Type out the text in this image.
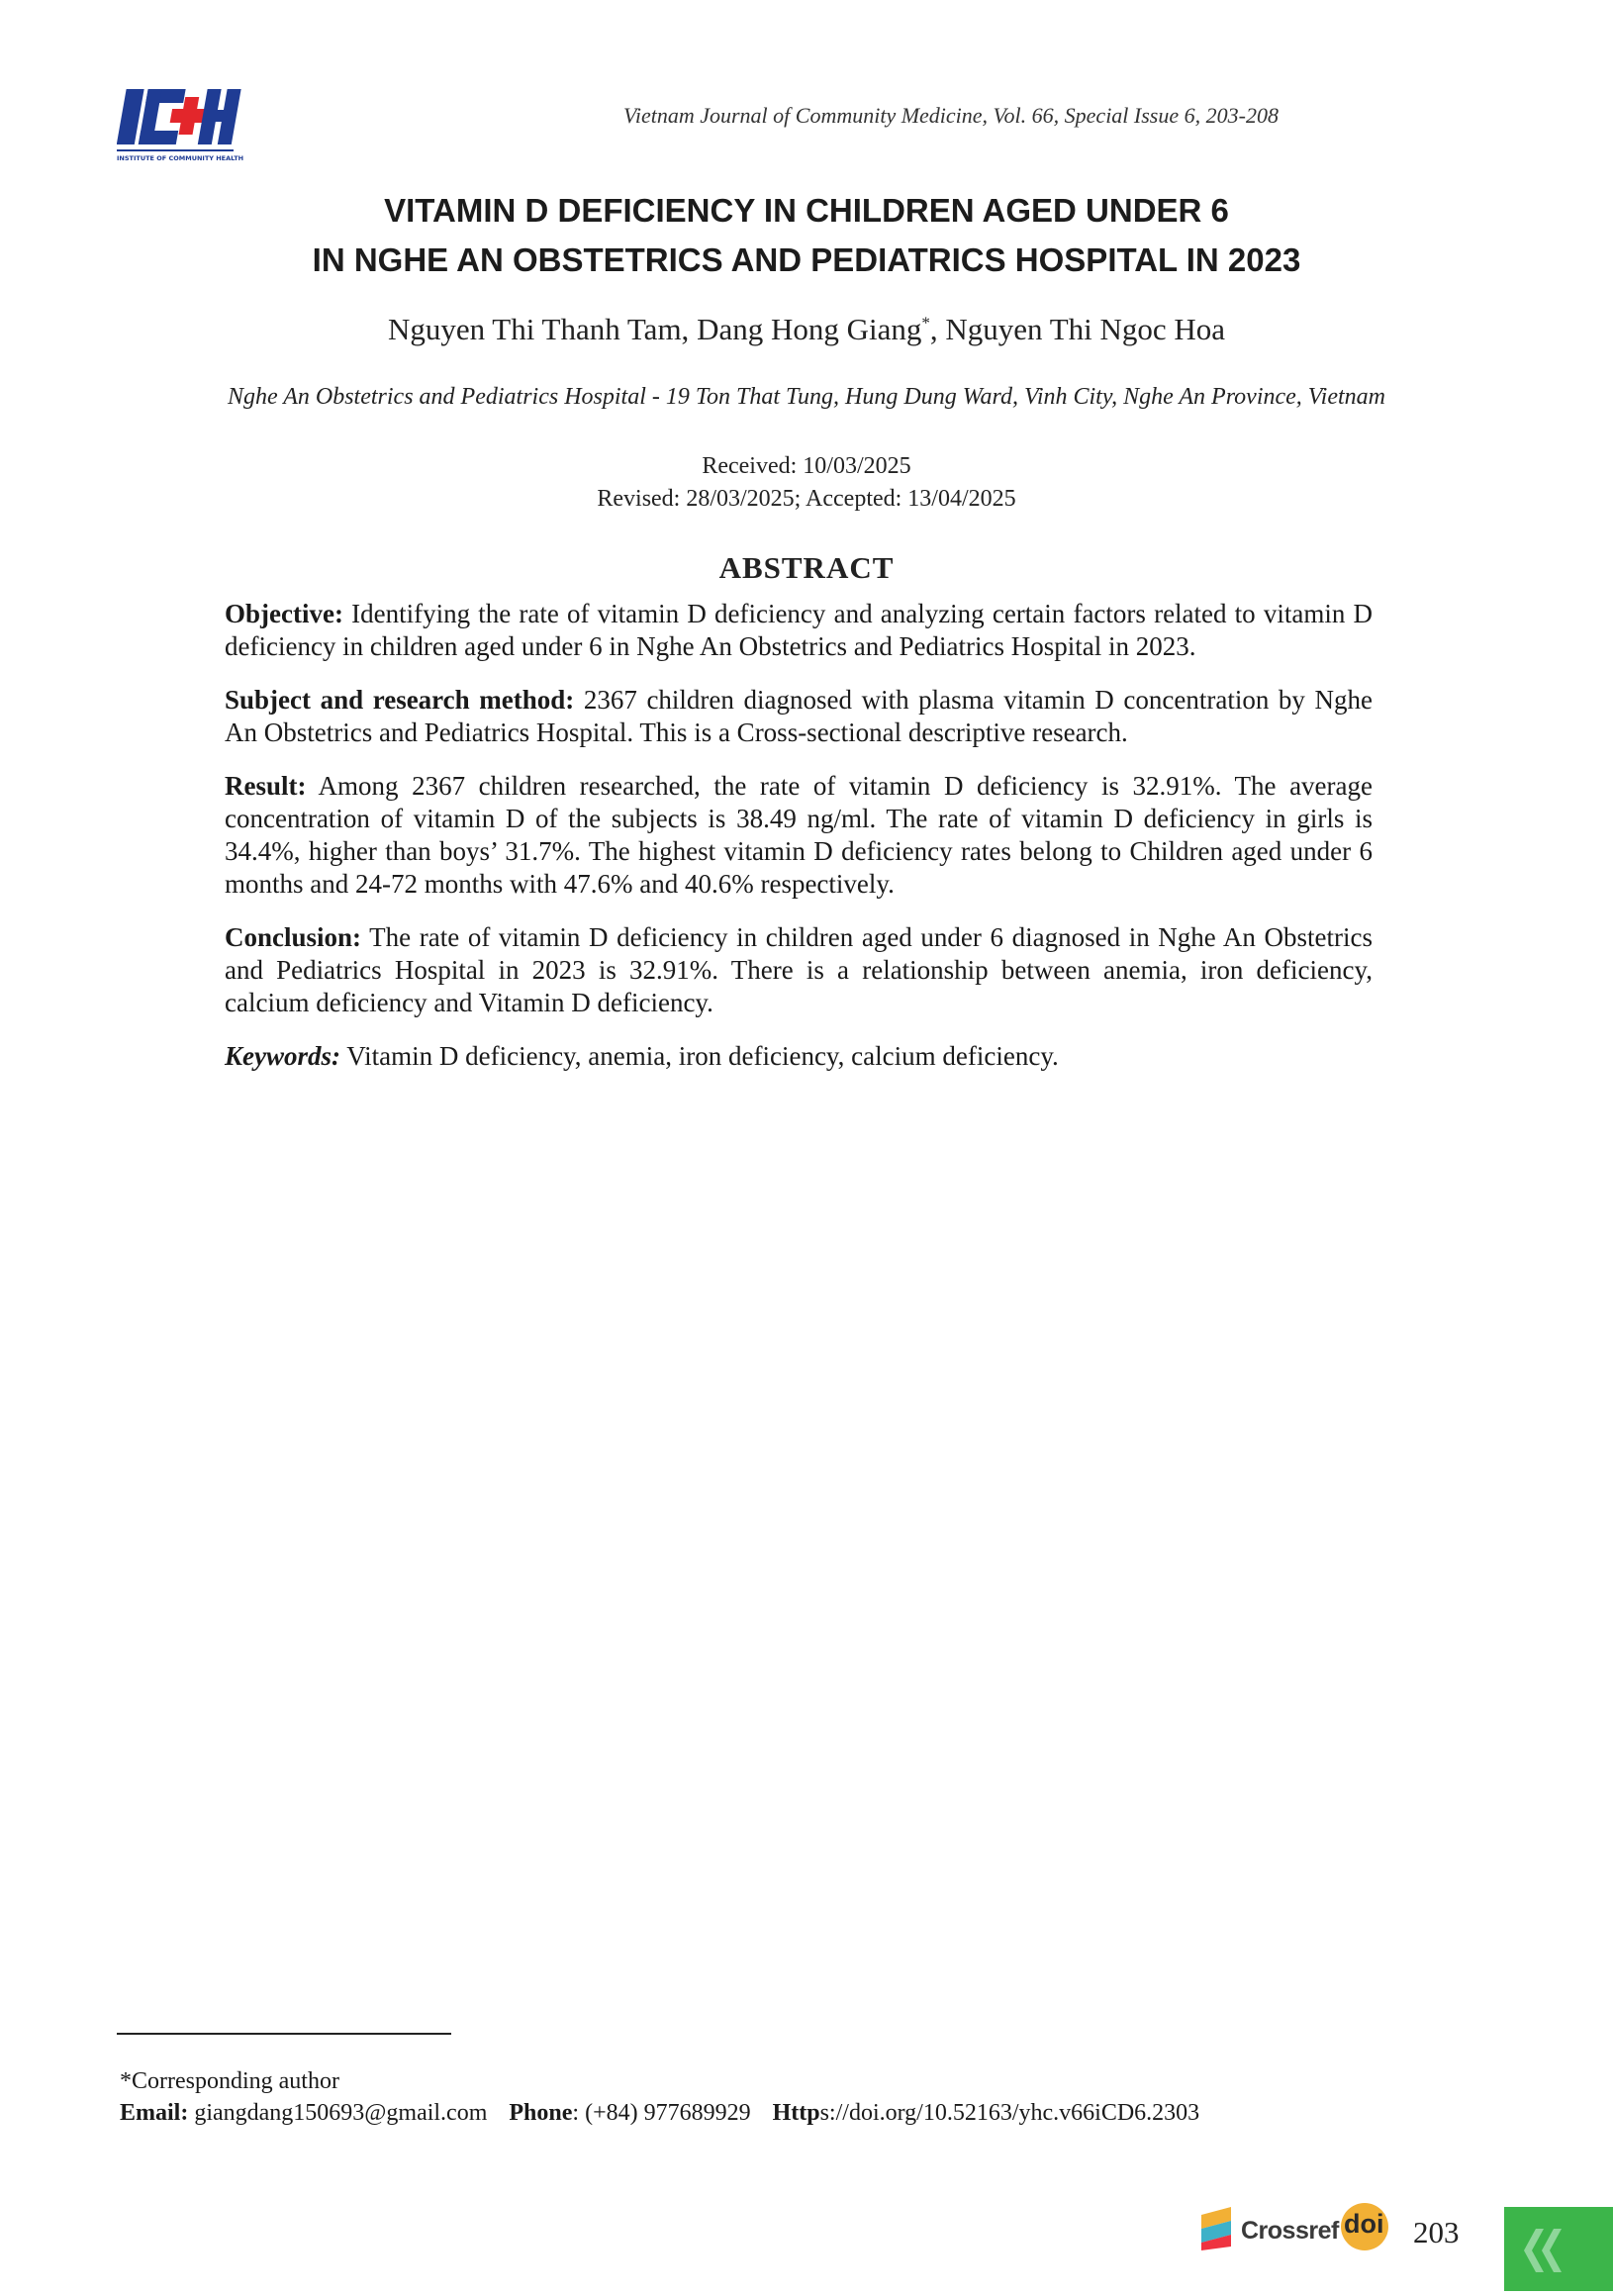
INSTITUTE OF COMMUNITY HEALTH
Vietnam Journal of Community Medicine, Vol. 66, Special Issue 6, 203-208
VITAMIN D DEFICIENCY IN CHILDREN AGED UNDER 6
IN NGHE AN OBSTETRICS AND PEDIATRICS HOSPITAL IN 2023
Nguyen Thi Thanh Tam, Dang Hong Giang*, Nguyen Thi Ngoc Hoa
Nghe An Obstetrics and Pediatrics Hospital - 19 Ton That Tung, Hung Dung Ward, Vinh City, Nghe An Province, Vietnam
Received: 10/03/2025
Revised: 28/03/2025; Accepted: 13/04/2025
ABSTRACT

Objective: Identifying the rate of vitamin D deficiency and analyzing certain factors related to vitamin D deficiency in children aged under 6 in Nghe An Obstetrics and Pediatrics Hospital in 2023.

Subject and research method: 2367 children diagnosed with plasma vitamin D concentration by Nghe An Obstetrics and Pediatrics Hospital. This is a Cross-sectional descriptive research.

Result: Among 2367 children researched, the rate of vitamin D deficiency is 32.91%. The average concentration of vitamin D of the subjects is 38.49 ng/ml. The rate of vitamin D deficiency in girls is 34.4%, higher than boys’ 31.7%. The highest vitamin D deficiency rates belong to Children aged under 6 months and 24-72 months with 47.6% and 40.6% respectively.

Conclusion: The rate of vitamin D deficiency in children aged under 6 diagnosed in Nghe An Obstetrics and Pediatrics Hospital in 2023 is 32.91%. There is a relationship between anemia, iron deficiency, calcium deficiency and Vitamin D deficiency.

Keywords: Vitamin D deficiency, anemia, iron deficiency, calcium deficiency.

*Corresponding author
Email: giangdang150693@gmail.com Phone: (+84) 977689929 Https://doi.org/10.52163/yhc.v66iCD6.2303
Crossref doi 203
